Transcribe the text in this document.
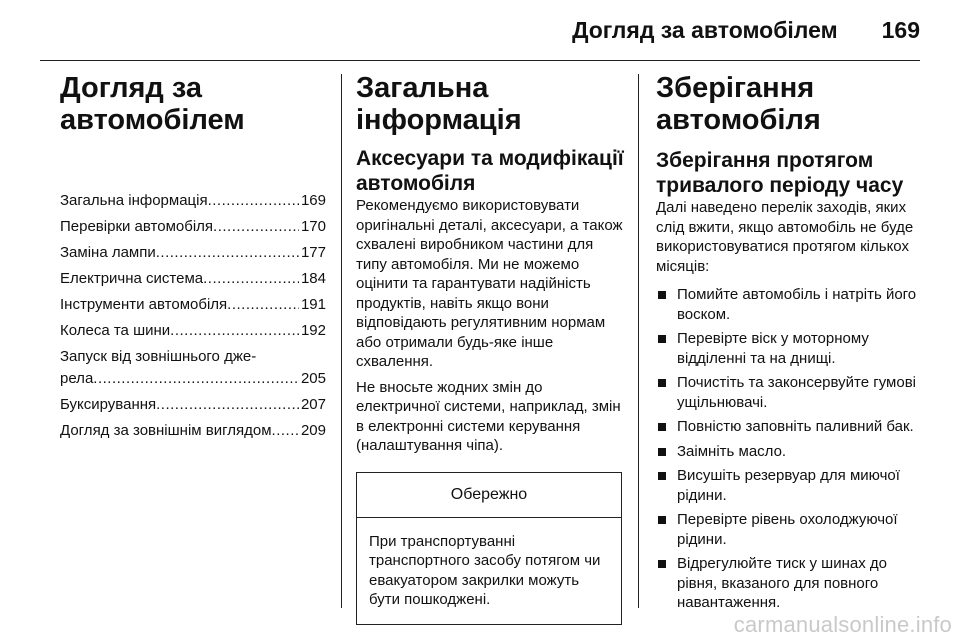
Догляд за автомобілем 169
Догляд за
автомобілем
Загальна інформація .....	169
Перевірки автомобіля .....	170
Заміна лампи .....	177
Електрична система .....	184
Інструменти автомобіля .....	191
Колеса та шини .....	192
Запуск від зовнішнього дже-
рела .....	205
Буксирування .....	207
Догляд за зовнішнім виглядом ..... 209
Загальна інформація
Аксесуари та модифікації
автомобіля

Рекомендуємо використовувати оригінальні деталі, аксесуари, а також схвалені виробником частини для типу автомобіля. Ми не можемо оцінити та гарантувати надійність продуктів, навіть якщо вони відповідають регулятивним нормам або отримали будь-яке інше схвалення.

Не вносьте жодних змін до електричної системи, наприклад, змін в електронні системи керування (налаштування чіпа).

Обережно
При транспортуванні транспортного засобу потягом чи евакуатором закрилки можуть бути пошкоджені.
Зберігання автомобіля
Зберігання протягом
тривалого періоду часу

Далі наведено перелік заходів, яких слід вжити, якщо автомобіль не буде використовуватися протягом кількох місяців:

Помийте автомобіль і натріть його воском.
Перевірте віск у моторному відділенні та на днищі.
Почистіть та законсервуйте гумові ущільнювачі.
Повністю заповніть паливний бак.
Заімніть масло.
Висушіть резервуар для миючої рідини.
Перевірте рівень охолоджуючої рідини.
Відрегулюйте тиск у шинах до рівня, вказаного для повного навантаження.
carmanualsonline.info
